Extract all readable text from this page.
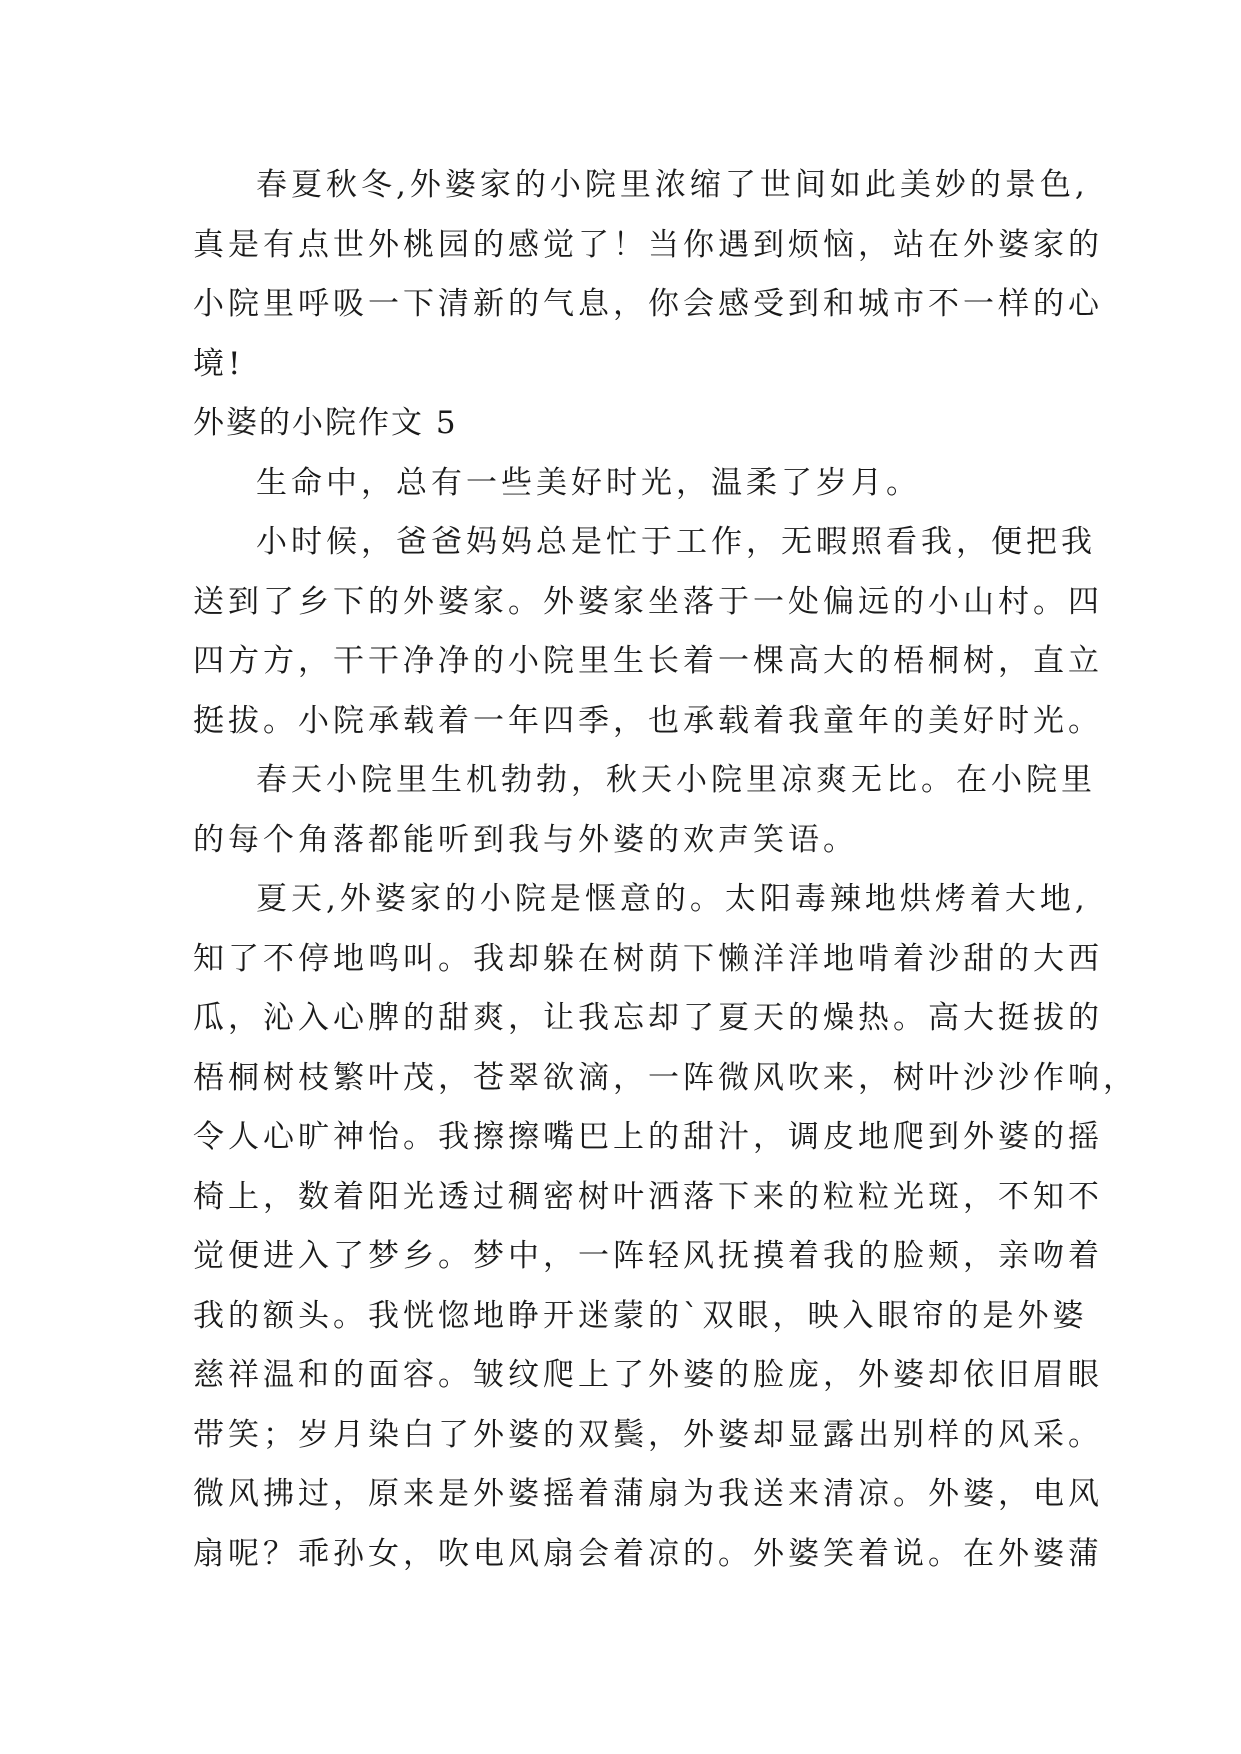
春夏秋冬,外婆家的小院里浓缩了世间如此美妙的景色,
真是有点世外桃园的感觉了！当你遇到烦恼，站在外婆家的
小院里呼吸一下清新的气息，你会感受到和城市不一样的心
境!
外婆的小院作文 5
生命中，总有一些美好时光，温柔了岁月。
小时候，爸爸妈妈总是忙于工作，无暇照看我，便把我
送到了乡下的外婆家。外婆家坐落于一处偏远的小山村。四
四方方，干干净净的小院里生长着一棵高大的梧桐树，直立
挺拔。小院承载着一年四季，也承载着我童年的美好时光。
春天小院里生机勃勃，秋天小院里凉爽无比。在小院里
的每个角落都能听到我与外婆的欢声笑语。
夏天,外婆家的小院是惬意的。太阳毒辣地烘烤着大地,
知了不停地鸣叫。我却躲在树荫下懒洋洋地啃着沙甜的大西
瓜，沁入心脾的甜爽，让我忘却了夏天的燥热。高大挺拔的
梧桐树枝繁叶茂，苍翠欲滴，一阵微风吹来，树叶沙沙作响，
令人心旷神怡。我擦擦嘴巴上的甜汁，调皮地爬到外婆的摇
椅上，数着阳光透过稠密树叶洒落下来的粒粒光斑，不知不
觉便进入了梦乡。梦中，一阵轻风抚摸着我的脸颊，亲吻着
我的额头。我恍惚地睁开迷蒙的`双眼，映入眼帘的是外婆
慈祥温和的面容。皱纹爬上了外婆的脸庞，外婆却依旧眉眼
带笑；岁月染白了外婆的双鬓，外婆却显露出别样的风采。
微风拂过，原来是外婆摇着蒲扇为我送来清凉。外婆，电风
扇呢？乖孙女，吹电风扇会着凉的。外婆笑着说。在外婆蒲
